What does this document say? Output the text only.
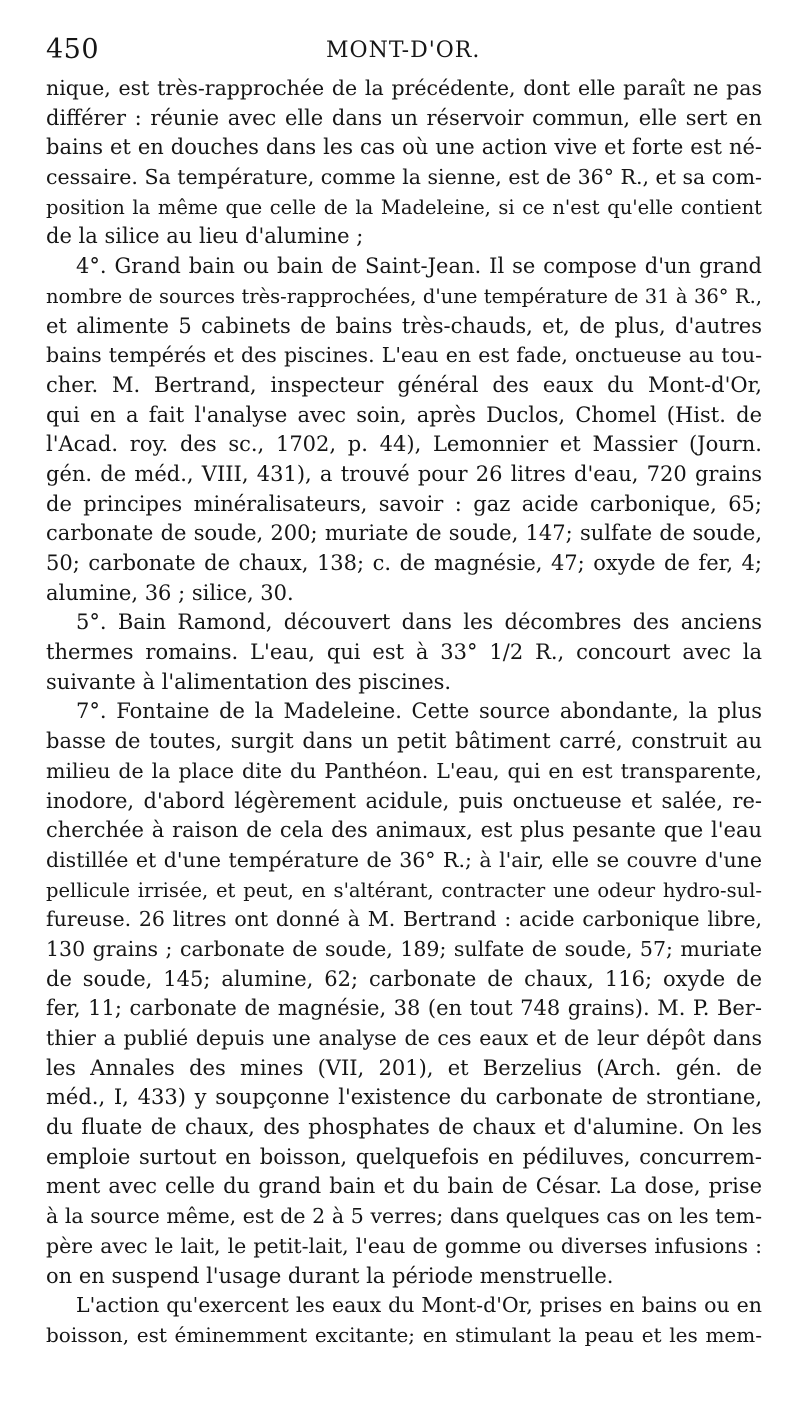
450	MONT-D'OR.
nique, est très-rapprochée de la précédente, dont elle paraît ne pas
différer : réunie avec elle dans un réservoir commun, elle sert en
bains et en douches dans les cas où une action vive et forte est né-
cessaire. Sa température, comme la sienne, est de 36° R., et sa com-
position la même que celle de la Madeleine, si ce n'est qu'elle contient
de la silice au lieu d'alumine ;
4°. Grand bain ou bain de Saint-Jean. Il se compose d'un grand
nombre de sources très-rapprochées, d'une température de 31 à 36° R.,
et alimente 5 cabinets de bains très-chauds, et, de plus, d'autres
bains tempérés et des piscines. L'eau en est fade, onctueuse au tou-
cher. M. Bertrand, inspecteur général des eaux du Mont-d'Or,
qui en a fait l'analyse avec soin, après Duclos, Chomel (Hist. de
l'Acad. roy. des sc., 1702, p. 44), Lemonnier et Massier (Journ.
gén. de méd., VIII, 431), a trouvé pour 26 litres d'eau, 720 grains
de principes minéralisateurs, savoir : gaz acide carbonique, 65;
carbonate de soude, 200; muriate de soude, 147; sulfate de soude,
50; carbonate de chaux, 138; c. de magnésie, 47; oxyde de fer, 4;
alumine, 36 ; silice, 30.
5°. Bain Ramond, découvert dans les décombres des anciens
thermes romains. L'eau, qui est à 33° 1/2 R., concourt avec la
suivante à l'alimentation des piscines.
7°. Fontaine de la Madeleine. Cette source abondante, la plus
basse de toutes, surgit dans un petit bâtiment carré, construit au
milieu de la place dite du Panthéon. L'eau, qui en est transparente,
inodore, d'abord légèrement acidule, puis onctueuse et salée, re-
cherchée à raison de cela des animaux, est plus pesante que l'eau
distillée et d'une température de 36° R.; à l'air, elle se couvre d'une
pellicule irrisée, et peut, en s'altérant, contracter une odeur hydro-sul-
fureuse. 26 litres ont donné à M. Bertrand : acide carbonique libre,
130 grains ; carbonate de soude, 189; sulfate de soude, 57; muriate
de soude, 145; alumine, 62; carbonate de chaux, 116; oxyde de
fer, 11; carbonate de magnésie, 38 (en tout 748 grains). M. P. Ber-
thier a publié depuis une analyse de ces eaux et de leur dépôt dans
les Annales des mines (VII, 201), et Berzelius (Arch. gén. de
méd., I, 433) y soupçonne l'existence du carbonate de strontiane,
du fluate de chaux, des phosphates de chaux et d'alumine. On les
emploie surtout en boisson, quelquefois en pédiluves, concurrem-
ment avec celle du grand bain et du bain de César. La dose, prise
à la source même, est de 2 à 5 verres; dans quelques cas on les tem-
père avec le lait, le petit-lait, l'eau de gomme ou diverses infusions :
on en suspend l'usage durant la période menstruelle.
L'action qu'exercent les eaux du Mont-d'Or, prises en bains ou en
boisson, est éminemment excitante; en stimulant la peau et les mem-
